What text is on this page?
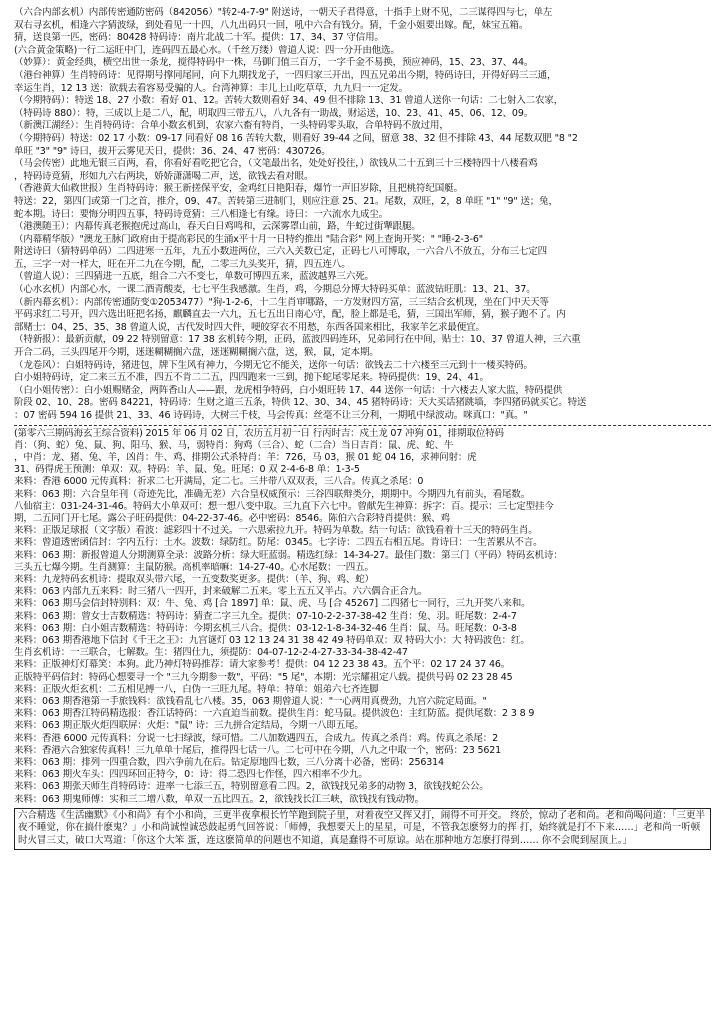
（六合内部玄机）内部传密通防密码（842056）"转2-4-7-9" 附送诗，一朝天子君得意，十指手上财不见，二三谋得四与七，单左
双右寻玄机，相逢六字猜波绿，到处看见一十四，八九出码只一回，吼中六合有钱分。猜，千金小姐要出嫁。配，妹宝五箱。
猜，送良第一匹，密码：80428 特码诗：南片北战二十军。提供：17、34、37 守信用。
(六合黄金策略)一行二运旺中门，连码四五最心水。（千丝万缕）曾道人说：四一分开由他选。
（妙算）：黄金经典，横空出世一条龙，搅得特码中一株，马御门值三百万，一字千金不易换，预应神码，15、23、37、44。
（港台神算）生肖特码诗：见得期号撑同尾同，向下九期找龙子，一四归家三开出，四五兄弟出今期，特码诗曰，开得好码三三通，
幸运生肖，12 13 送：欲载去看容易受骗的人。台湾神算：丰儿上山吃草草，九九归一一定发。
（今期特码）：特送 18、27 小数：看好 01、12。苦转大数则看好 34、49 但不排除 13、31 曾道人送你一句话：二七射入二农家，
（特码诗 880）：特，三成以上是二八，配，明取四三带五八，八九各有一助战，财运送，10、23、41、45、06、12、09。
（新澳江湖经）：生肖特码诗：合单小数玄机到，农家六畜有特肖，一头特码零头取，合单特码不放过用，
（今期特码）特送：02 17 小数：09-17 同看好 08 16 苦转大数，则看好 39-44 之间，留意 38、32 但不排除 43、44 尾数双肥 "8 "2
单旺 "3" "9" 诗曰，拔开云雾见天日，提供：36、24、47 密码：430726。
（马会传密）此地无银三百两，看，你看好看吃把它合，（文笔最出名，处处好投往，）欲钱从二十五到三十三楼特四十八楼看鸡
，特码诗竟猜，形如九六右两块，娇娇潇潇喝二声，送，欲钱去看对眼。
（香港黄大仙救世报）生肖特码诗：猴王新搓保平安，金鸡红日艳阳春，爆竹一声旧岁除，且把桃符纪国艇。
特送：22，第四门或第一门之首，推介，09、47。苦转第三进制门，则应注意 25、21。尾数，双旺，2，8 单旺 "1" "9" 送；兔，
蛇本期。诗曰：要悔分明四五事，特码诗竟猜：三八相逢七有缘。诗曰：一六流水九成尘。
（港澳随王）：内幕传真老猴抱虎过高山，春天白日鸡鸣和，云深雾罩山前，路，牛蛇过街犟跟腿。
（内幕精华版）"澳龙王脉门政府由于提高彩民的生涌x平十月一日特约推出 "陆合彩" 网上查询开奖：" "睡-2-3-6"
附送诗曰（猜特码单码）二四进寒一五年，九五小数进两位，三六入关数已定，正码七八可博取，一六合八不放五，分布三七定四
五，三字一对一样大，旺在开二九在今期，配，二零三九头奖开，猜，四五连八。
（曾道人说）：三四猜进一五底，组合二六不变七，单数可博四五来，蓝波越界三六死。
（心水玄机）内部心水，一课二酒青酸麦，七七平生我感激。生肖，鸡，今期总分博大特码买单：蓝波钻旺肌：13、21、37。
（新内幕玄机）：内部传密通防变①2053477）"狗-1-2-6，十二生肖审哪路，一方发财四方富，三三结合玄机现，坐在门中天天等
平码求红二号开，四六选出旺把名扬，麒麟直去一六九，五七五出日南心守，配，脸上都是毛，猜，三国出军师，猜，猴子跑不了。内
部赌士：04、25、35、38 曾道人说，古代发时四大件，哽皎穿衣不用愁，东西各国来相比，我家羊乞求最便宜。
（特新报）：最新贡献，09 22 特别留意：17 38 玄机转今期，正码，蓝波四码连环，兄弟同行在中间，贴士：10、37 曾道人神，三六重
开合二码，三头四尾开今期，迷迷糊糊搁六盘，迷迷糊糊搁六盘，送，猴，鼠，定本期。
（龙卷风）：白姐特码诗，猪进包，牌下生风有神力，今期无它不能关，送你一句话：欲钱去二十六楼至三元到十一楼买特码。
白小姐特码诗，定二来三五不准，四五不肯二二五，四四跑来一三到，抛下蛇尾零尾来。特码提供：19、24、41。
（白小姐传密）：白小姐赐赌金，两阵香山人——跟，龙虎相争特码，白小姐旺转 17、44 送你一句话：十六楼去人家大监，特码提供
阶段 02、10、28。密码 84221，特码诗：生财之道三五条，特供 12、30、34、45 猪特码诗：天大买话猪跳墙，李四猪码就买它。特送
：07 密码 594 16 提供 21、33、46 诗码诗，大树三千枝，马会传真：丝毫不让三分利，一期吼中绿波动。咪真口："真。"
(第零六三期码海玄王综合资料) 2015 年 06 月 02 日，农历五月初一日 行丙时吉：戍土龙 07 冲狗 01，排期取位特码
肖：（狗、蛇）兔、鼠、狗、阳马、猴、马，弱特肖：狗鸡（三合）、蛇（二合）当日吉肖：鼠、虎、蛇、牛
，中肖：龙、猪、兔、羊，凶肖：牛、鸡、排期公式杀特肖：羊：726，马 03，猴 01 蛇 04 16，求神问射：虎
31、码得虎王预测：单双：双。特码：羊、鼠、兔。旺尾：0 双 2-4-6-8 单：1-3-5
来料：香港 6000 元传真料：祈求二七开满局，定二七。三井带八双双表，三八合。传真之杀尾：0
来料：063 期：六合皇年刊（奇迹先比，准确无差）六合皇权威预示：三谷四联辩类分，期期中。今期四九有前头，看尾数。
八仙宿主：031-24-31-46。特码大小单双可：想一想八变中取。三九直下六七中。曾献先生神算：拆字：百。提示：三七定型挂今
期，二五同门开七尾。露公子旺码提供：04-22-37-46。必中密码：8546。陈伯六合彩特肖提供：猴、鸡
来料：正版足球报（文字版）看波：滤彩四十不过关。一六思索拉九开。特码为单数。结一句话：欲钱看着十三天的特码生肖。
来料：曾道透密函信封：字内五行：土水。波数：绿防红。防尾：0345。七字诗：二四五右相五尾。肯诗曰：一生苦累从不言。
来料：063 期：新报曾道人分期测算全录：波路分析：绿大旺蓝弱。精选红绿：14-34-27。最佳门数：第三门（平码）特码玄机诗：
三头五七爆今期。生肖测算：主鼠防猴。高机率暗嘛：14-27-40。心水尾数：一四五。
来料：九龙特码玄机诗：提取双头带六尾，一五变数奖更多。提供：（羊、狗、鸡、蛇）
来料：063 内部九五来料：时三猪八一四开，封来破解二五来。零上五五又半占。六六偶合正合九。
来料：063 期马会信封特别料：双：牛、兔、鸡 [合 1897] 单：鼠、虎、马 [合 45267] 二四猪七一同行，三九开奖八来和。
来料：063 期：曾女士吉数精选：特码诗：猜查二字三九全。提供：07-10-2-2-37-38-42 生肖：兔、羽。旺尾数：2-4-7
来料：063 期：白小姐吉数精选：特码诗：今期玄机三八合。提供：03-12-1-8-34-32-46 生肖：鼠、马。旺尾数：0-3-8
来料：063 期香港地下信封《千王之王》：九宫谜灯 03 12 13 24 31 38 42 49 特码单双：双 特码大小：大 特码波色：红。
生肖玄机诗：一三联合，七解数。生：猪四仕九，须提防：04-07-12-2-4-27-33-34-38-42-47
来料：正版神灯灯幕笑：本狗。此乃神灯特码推荐：请大家参考！提供：04 12 23 38 43。五个平：02 17 24 37 46。
正版特平码信封：特码心想要寻一个 "三九今期参一数"，平码："5 尾"，本期：光宗耀祖定八载。提供号码 02 23 28 45
来料：正版火炬玄机：二五相见搏一八，白伪一三旺九尾。特单：特单：姐弟六七齐连脚
来料：063 期香港第一手旅钱料：欲钱看乱七八楼。35，063 期曾道人说："一心两用真费劲，九宫六院定局面。"
来料：063 期香江特码精选报：香江话特码：一六直迫当前数。提供生肖：蛇马鼠。提供波色：主红防蓝。提供尾数：2 3 8 9
来料：063 期正版火炬四联屏：火炬："鼠" 诗：三九拼合定结局，今期一八即五尾。
来料：香港 6000 元传真料：分说一七扫绿波，绿可惜。二八加数遇四五，合成九。传真之杀肖：鸡。传真之杀尾：2
来料：香港六合独家传真料！三九单单十尾后，推得四七话一八。二七可中在今期，八九之中取一个，密码：23 5621
来料：063 期：排列一四重合数，四六争前九在后。钻定原地四七数，三八分离十必备，密码：256314
来料：063 期火车头：四四环回正特今，0：诗：得二恐四七作怪，四六相率不少九。
来料：063 期张天师生肖特码诗：进率一七添三五，特别留意看二四。2，欲钱找兄弟多的动物 3，欲钱找蛇公公。
来料：063 期鬼师傅：实和三二增八数，单双一五比四五。2，欲钱找长江三峡，欲钱找有钱动物。
六合精选《生活幽默》《小和尚》有个小和尚，三更半夜拿根长竹竿跑到院子里，对着夜空又挥又打，闹得不可开交。 终於，惊动了老和尚。老和尚喝问道：「三更半夜不睡觉，你在搞什麽鬼？」小和尚诚惶诚恐鼓起勇气回答说：「师傅，我想要天上的星星，可是，不管我怎麽努力的挥 打，始终就是打不下来……」老和尚一听顿时火冒三丈，破口大骂道：「你这个大笨 蛋，连这麽简单的问题也不知道，真是蠢得不可原谅。站在那种地方怎麽打得到…… 你不会爬到屋顶上。」
